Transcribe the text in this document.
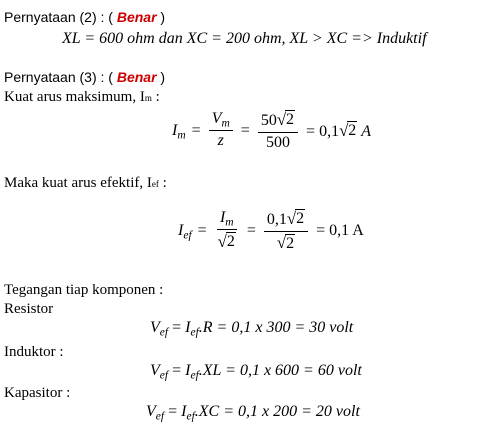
Pernyataan (2) : ( Benar )
XL = 600 ohm dan XC = 200 ohm, XL > XC => Induktif
Pernyataan (3) : ( Benar )
Kuat arus maksimum, Im :
$I_m = \frac{V_m}{z} = \frac{50 √ 2}{500} = 0,1$ √ 2 A
Maka kuat arus efektif, Ief :
$I_{ef} = \frac{I_m}{√ 2} = \frac{0,1 √ 2}{√ 2} = 0,1$ A
Tegangan tiap komponen :
Resistor
$V_{ef} = I_{ef}.R = 0,1$ x 300 = 30 volt
Induktor :
$V_{ef} = I_{ef}.XL = 0,1$ x 600 = 60 volt
Kapasitor :
$V_{ef} = I_{ef}.XC = 0,1$ x 200 = 20 volt
